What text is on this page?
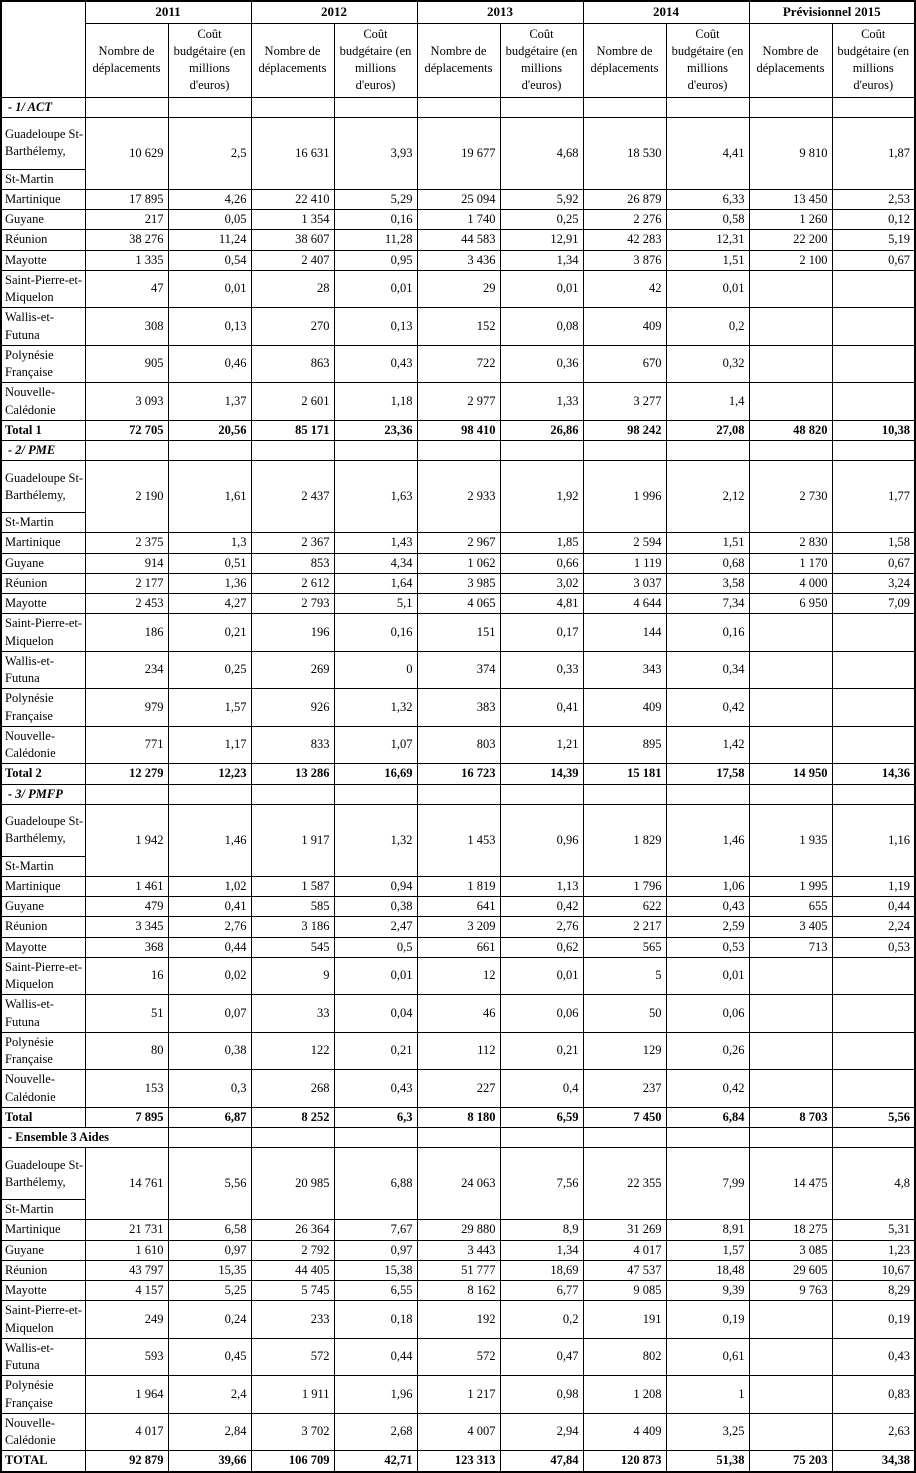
	2011		2012		2013		2014		Prévisionnel 2015	
	Nombre de déplacements	Coût budgétaire (en millions d'euros)	Nombre de déplacements	Coût budgétaire (en millions d'euros)	Nombre de déplacements	Coût budgétaire (en millions d'euros)	Nombre de déplacements	Coût budgétaire (en millions d'euros)	Nombre de déplacements	Coût budgétaire (en millions d'euros)
- 1/ ACT										

Guadeloupe St-Barthélemy,
St-Martin	10 629	2,5	16 631	3,93	19 677	4,68	18 530	4,41	9 810	1,87
Martinique	17 895	4,26	22 410	5,29	25 094	5,92	26 879	6,33	13 450	2,53
Guyane	217	0,05	1 354	0,16	1 740	0,25	2 276	0,58	1 260	0,12
Réunion	38 276	11,24	38 607	11,28	44 583	12,91	42 283	12,31	22 200	5,19
Mayotte	1 335	0,54	2 407	0,95	3 436	1,34	3 876	1,51	2 100	0,67
Saint-Pierre-et-Miquelon	47	0,01	28	0,01	29	0,01	42	0,01		
Wallis-et-Futuna	308	0,13	270	0,13	152	0,08	409	0,2		
Polynésie Française	905	0,46	863	0,43	722	0,36	670	0,32		
Nouvelle-Calédonie	3 093	1,37	2 601	1,18	2 977	1,33	3 277	1,4		
Total 1	72 705	20,56	85 171	23,36	98 410	26,86	98 242	27,08	48 820	10,38
- 2/ PME										

Guadeloupe St-Barthélemy,
St-Martin	2 190	1,61	2 437	1,63	2 933	1,92	1 996	2,12	2 730	1,77
Martinique	2 375	1,3	2 367	1,43	2 967	1,85	2 594	1,51	2 830	1,58
Guyane	914	0,51	853	4,34	1 062	0,66	1 119	0,68	1 170	0,67
Réunion	2 177	1,36	2 612	1,64	3 985	3,02	3 037	3,58	4 000	3,24
Mayotte	2 453	4,27	2 793	5,1	4 065	4,81	4 644	7,34	6 950	7,09
Saint-Pierre-et-Miquelon	186	0,21	196	0,16	151	0,17	144	0,16		
Wallis-et-Futuna	234	0,25	269	0	374	0,33	343	0,34		
Polynésie Française	979	1,57	926	1,32	383	0,41	409	0,42		
Nouvelle-Calédonie	771	1,17	833	1,07	803	1,21	895	1,42		
Total 2	12 279	12,23	13 286	16,69	16 723	14,39	15 181	17,58	14 950	14,36
- 3/ PMFP										

Guadeloupe St-Barthélemy,
St-Martin	1 942	1,46	1 917	1,32	1 453	0,96	1 829	1,46	1 935	1,16
Martinique	1 461	1,02	1 587	0,94	1 819	1,13	1 796	1,06	1 995	1,19
Guyane	479	0,41	585	0,38	641	0,42	622	0,43	655	0,44
Réunion	3 345	2,76	3 186	2,47	3 209	2,76	2 217	2,59	3 405	2,24
Mayotte	368	0,44	545	0,5	661	0,62	565	0,53	713	0,53
Saint-Pierre-et-Miquelon	16	0,02	9	0,01	12	0,01	5	0,01		
Wallis-et-Futuna	51	0,07	33	0,04	46	0,06	50	0,06		
Polynésie Française	80	0,38	122	0,21	112	0,21	129	0,26		
Nouvelle-Calédonie	153	0,3	268	0,43	227	0,4	237	0,42		
Total	7 895	6,87	8 252	6,3	8 180	6,59	7 450	6,84	8 703	5,56
- Ensemble 3 Aides										

Guadeloupe St-Barthélemy,
St-Martin	14 761	5,56	20 985	6,88	24 063	7,56	22 355	7,99	14 475	4,8
Martinique	21 731	6,58	26 364	7,67	29 880	8,9	31 269	8,91	18 275	5,31
Guyane	1 610	0,97	2 792	0,97	3 443	1,34	4 017	1,57	3 085	1,23
Réunion	43 797	15,35	44 405	15,38	51 777	18,69	47 537	18,48	29 605	10,67
Mayotte	4 157	5,25	5 745	6,55	8 162	6,77	9 085	9,39	9 763	8,29
Saint-Pierre-et-Miquelon	249	0,24	233	0,18	192	0,2	191	0,19		0,19
Wallis-et-Futuna	593	0,45	572	0,44	572	0,47	802	0,61		0,43
Polynésie Française	1 964	2,4	1 911	1,96	1 217	0,98	1 208	1		0,83
Nouvelle-Calédonie	4 017	2,84	3 702	2,68	4 007	2,94	4 409	3,25		2,63
TOTAL	92 879	39,66	106 709	42,71	123 313	47,84	120 873	51,38	75 203	34,38
